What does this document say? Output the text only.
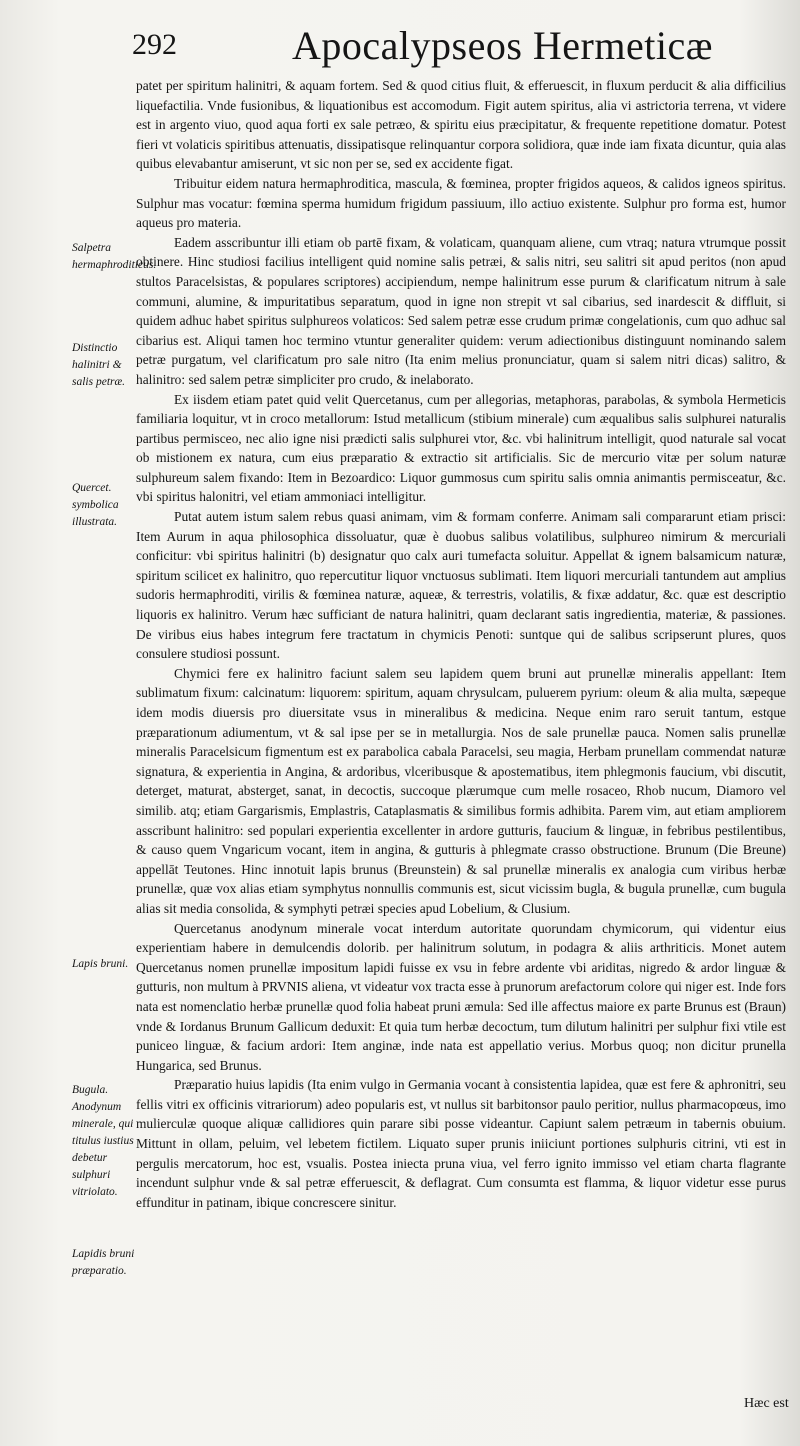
292	Apocalypseos Hermeticæ

patet per spiritum halinitri, & aquam fortem. Sed & quod citius fluit, & efferuescit, in fluxum perducit & alia difficilius liquefactilia. Vnde fusionibus, & liquationibus est accomodum. Figit autem spiritus, alia vi astrictoria terrena, vt videre est in argento viuo, quod aqua forti ex sale petræo, & spiritu eius præcipitatur, & frequente repetitione domatur. Potest fieri vt volaticis spiritibus attenuatis, dissipatisque relinquantur corpora solidiora, quæ inde iam fixata dicuntur, quia alas quibus elevabantur amiserunt, vt sic non per se, sed ex accidente figat.

Tribuitur eidem natura hermaphroditica, mascula, & fœminea, propter frigidos aqueos, & calidos igneos spiritus. Sulphur mas vocatur: fœmina sperma humidum frigidum passiuum, illo actiuo existente. Sulphur pro forma est, humor aqueus pro materia.

Eadem asscribuntur illi etiam ob partē fixam, & volaticam, quanquam aliene, cum vtraq; natura vtrumque possit obtinere. Hinc studiosi facilius intelligent quid nomine salis petræi, & salis nitri, seu salitri sit apud peritos (non apud stultos Paracelsistas, & populares scriptores) accipiendum, nempe halinitrum esse purum & clarificatum nitrum à sale communi, alumine, & impuritatibus separatum, quod in igne non strepit vt sal cibarius, sed inardescit & diffluit, si quidem adhuc habet spiritus sulphureos volaticos: Sed salem petræ esse crudum primæ congelationis, cum quo adhuc sal cibarius est. Aliqui tamen hoc termino vtuntur generaliter quidem: verum adiectionibus distinguunt nominando salem petræ purgatum, vel clarificatum pro sale nitro (Ita enim melius pronunciatur, quam si salem nitri dicas) salitro, & halinitro: sed salem petræ simpliciter pro crudo, & inelaborato.

Ex iisdem etiam patet quid velit Quercetanus, cum per allegorias, metaphoras, parabolas, & symbola Hermeticis familiaria loquitur, vt in croco metallorum: Istud metallicum (stibium minerale) cum æqualibus salis sulphurei naturalis partibus permisceo, nec alio igne nisi prædicti salis sulphurei vtor, &c. vbi halinitrum intelligit, quod naturale sal vocat ob mistionem ex natura, cum eius præparatio & extractio sit artificialis. Sic de mercurio vitæ per solum naturæ sulphureum salem fixando: Item in Bezoardico: Liquor gummosus cum spiritu salis omnia animantis permisceatur, &c. vbi spiritus halonitri, vel etiam ammoniaci intelligitur.

Putat autem istum salem rebus quasi animam, vim & formam conferre. Animam sali compararunt etiam prisci: Item Aurum in aqua philosophica dissoluatur, quæ è duobus salibus volatilibus, sulphureo nimirum & mercuriali conficitur: vbi spiritus halinitri (b) designatur quo calx auri tumefacta soluitur. Appellat & ignem balsamicum naturæ, spiritum scilicet ex halinitro, quo repercutitur liquor vnctuosus sublimati. Item liquori mercuriali tantundem aut amplius sudoris hermaphroditi, virilis & fœminea naturæ, aqueæ, & terrestris, volatilis, & fixæ addatur, &c. quæ est descriptio liquoris ex halinitro. Verum hæc sufficiant de natura halinitri, quam declarant satis ingredientia, materiæ, & passiones. De viribus eius habes integrum fere tractatum in chymicis Penoti: suntque qui de salibus scripserunt plures, quos consulere studiosi possunt.

Chymici fere ex halinitro faciunt salem seu lapidem quem bruni aut prunellæ mineralis appellant: Item sublimatum fixum: calcinatum: liquorem: spiritum, aquam chrysulcam, puluerem pyrium: oleum & alia multa, sæpeque idem modis diuersis pro diuersitate vsus in mineralibus & medicina. Neque enim raro seruit tantum, estque præparationum adiumentum, vt & sal ipse per se in metallurgia. Nos de sale prunellæ pauca. Nomen salis prunellæ mineralis Paracelsicum figmentum est ex parabolica cabala Paracelsi, seu magia, Herbam prunellam commendat naturæ signatura, & experientia in Angina, & ardoribus, vlceribusque & apostematibus, item phlegmonis faucium, vbi discutit, deterget, maturat, absterget, sanat, in decoctis, succoque plærumque cum melle rosaceo, Rhob nucum, Diamoro vel similib. atq; etiam Gargarismis, Emplastris, Cataplasmatis & similibus formis adhibita. Parem vim, aut etiam ampliorem asscribunt halinitro: sed populari experientia excellenter in ardore gutturis, faucium & linguæ, in febribus pestilentibus, & causo quem Vngaricum vocant, item in angina, & gutturis à phlegmate crasso obstructione. Brunum (Die Breune) appellāt Teutones. Hinc innotuit lapis brunus (Breunstein) & sal prunellæ mineralis ex analogia cum viribus herbæ prunellæ, quæ vox alias etiam symphytus nonnullis communis est, sicut vicissim bugla, & bugula prunellæ, cum bugula alias sit media consolida, & symphyti petræi species apud Lobelium, & Clusium.

Quercetanus anodynum minerale vocat interdum autoritate quorundam chymicorum, qui videntur eius experientiam habere in demulcendis dolorib. per halinitrum solutum, in podagra & aliis arthriticis. Monet autem Quercetanus nomen prunellæ impositum lapidi fuisse ex vsu in febre ardente vbi ariditas, nigredo & ardor linguæ & gutturis, non multum à PRVNIS aliena, vt videatur vox tracta esse à prunorum arefactorum colore qui niger est. Inde fors nata est nomenclatio herbæ prunellæ quod folia habeat pruni æmula: Sed ille affectus maiore ex parte Brunus est (Braun) vnde & Iordanus Brunum Gallicum deduxit: Et quia tum herbæ decoctum, tum dilutum halinitri per sulphur fixi vtile est puniceo linguæ, & facium ardori: Item anginæ, inde nata est appellatio verius. Morbus quoq; non dicitur prunella Hungarica, sed Brunus.

Præparatio huius lapidis (Ita enim vulgo in Germania vocant à consistentia lapidea, quæ est fere & aphronitri, seu fellis vitri ex officinis vitrariorum) adeo popularis est, vt nullus sit barbitonsor paulo peritior, nullus pharmacopœus, imo mulierculæ quoque aliquæ callidiores quin parare sibi posse videantur. Capiunt salem petræum in tabernis obuium. Mittunt in ollam, peluim, vel lebetem fictilem. Liquato super prunis iniiciunt portiones sulphuris citrini, vti est in pergulis mercatorum, hoc est, vsualis. Postea iniecta pruna viua, vel ferro ignito immisso vel etiam charta flagrante incendunt sulphur vnde & sal petræ efferuescit, & deflagrat. Cum consumta est flamma, & liquor videtur esse purus effunditur in patinam, ibique concrescere sinitur.

Salpetra hermaphroditicus.
Distinctio halinitri & salis petræ.
Quercet. symbolica illustrata.
Lapis bruni.
Bugula. Anodynum minerale, qui titulus iustius debetur sulphuri vitriolato.
Lapidis bruni præparatio.
Hæc est
